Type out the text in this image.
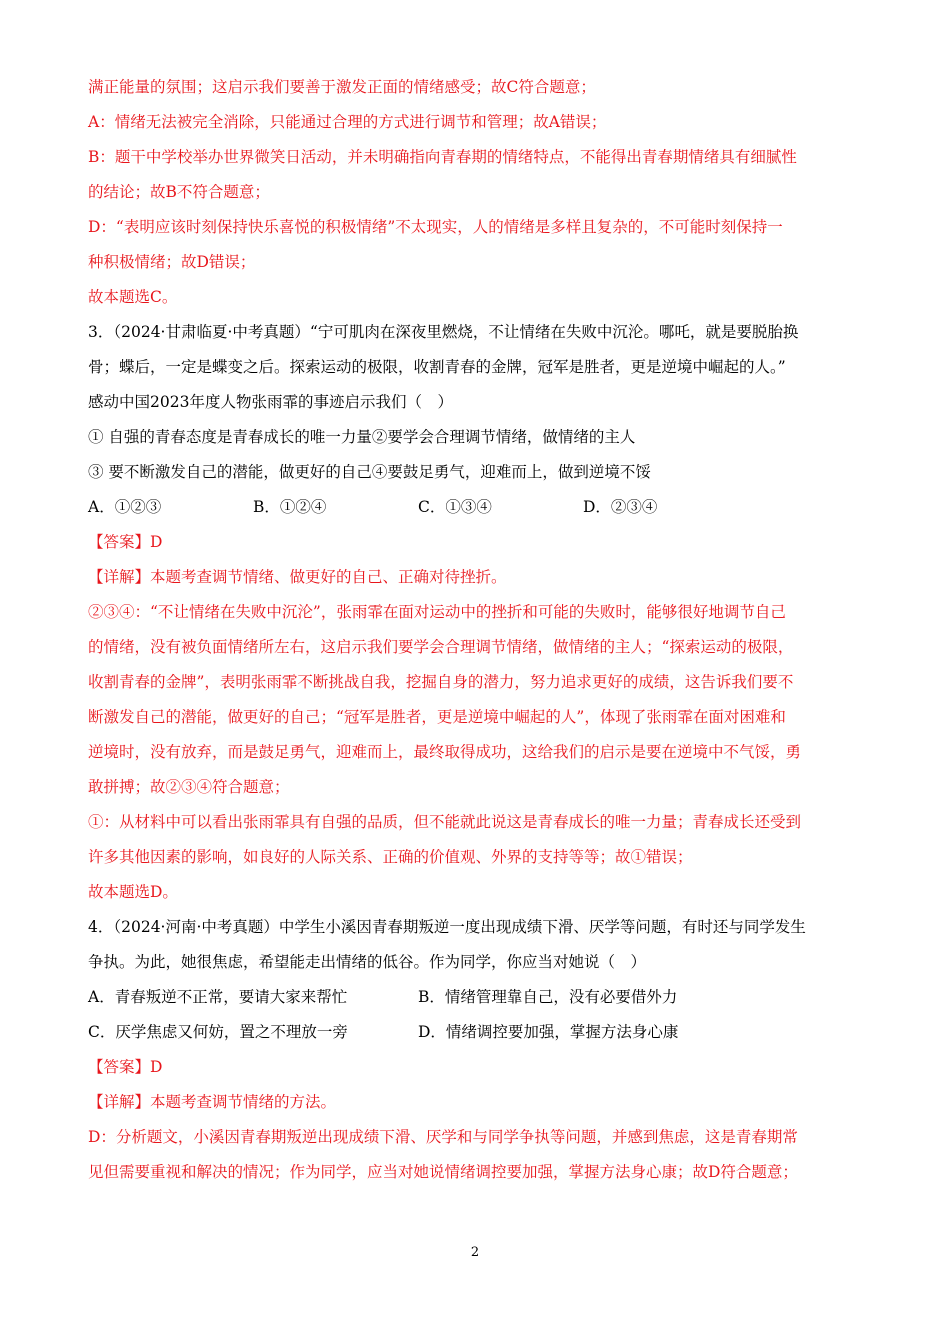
满正能量的氛围；这启示我们要善于激发正面的情绪感受；故C符合题意；
A：情绪无法被完全消除，只能通过合理的方式进行调节和管理；故A错误；
B：题干中学校举办世界微笑日活动，并未明确指向青春期的情绪特点，不能得出青春期情绪具有细腻性
的结论；故B不符合题意；
D：“表明应该时刻保持快乐喜悦的积极情绪”不太现实，人的情绪是多样且复杂的，不可能时刻保持一
种积极情绪；故D错误；
故本题选C。
3．（2024·甘肃临夏·中考真题）“宁可肌肉在深夜里燃烧，不让情绪在失败中沉沦。哪吒，就是要脱胎换
骨；蝶后，一定是蝶变之后。探索运动的极限，收割青春的金牌，冠军是胜者，更是逆境中崛起的人。”
感动中国2023年度人物张雨霏的事迹启示我们（　）
① 自强的青春态度是青春成长的唯一力量②要学会合理调节情绪，做情绪的主人
③ 要不断激发自己的潜能，做更好的自己④要鼓足勇气，迎难而上，做到逆境不馁
A．①②③	B．①②④	C．①③④	D．②③④
【答案】D
【详解】本题考查调节情绪、做更好的自己、正确对待挫折。
②③④：“不让情绪在失败中沉沦”，张雨霏在面对运动中的挫折和可能的失败时，能够很好地调节自己
的情绪，没有被负面情绪所左右，这启示我们要学会合理调节情绪，做情绪的主人；“探索运动的极限，
收割青春的金牌”，表明张雨霏不断挑战自我，挖掘自身的潜力，努力追求更好的成绩，这告诉我们要不
断激发自己的潜能，做更好的自己；“冠军是胜者，更是逆境中崛起的人”，体现了张雨霏在面对困难和
逆境时，没有放弃，而是鼓足勇气，迎难而上，最终取得成功，这给我们的启示是要在逆境中不气馁，勇
敢拼搏；故②③④符合题意；
①：从材料中可以看出张雨霏具有自强的品质，但不能就此说这是青春成长的唯一力量；青春成长还受到
许多其他因素的影响，如良好的人际关系、正确的价值观、外界的支持等等；故①错误；
故本题选D。
4．（2024·河南·中考真题）中学生小溪因青春期叛逆一度出现成绩下滑、厌学等问题，有时还与同学发生
争执。为此，她很焦虑，希望能走出情绪的低谷。作为同学，你应当对她说（　）
A．青春叛逆不正常，要请大家来帮忙	B．情绪管理靠自己，没有必要借外力
C．厌学焦虑又何妨，置之不理放一旁	D．情绪调控要加强，掌握方法身心康
【答案】D
【详解】本题考查调节情绪的方法。
D：分析题文，小溪因青春期叛逆出现成绩下滑、厌学和与同学争执等问题，并感到焦虑，这是青春期常
见但需要重视和解决的情况；作为同学，应当对她说情绪调控要加强，掌握方法身心康；故D符合题意；
2
